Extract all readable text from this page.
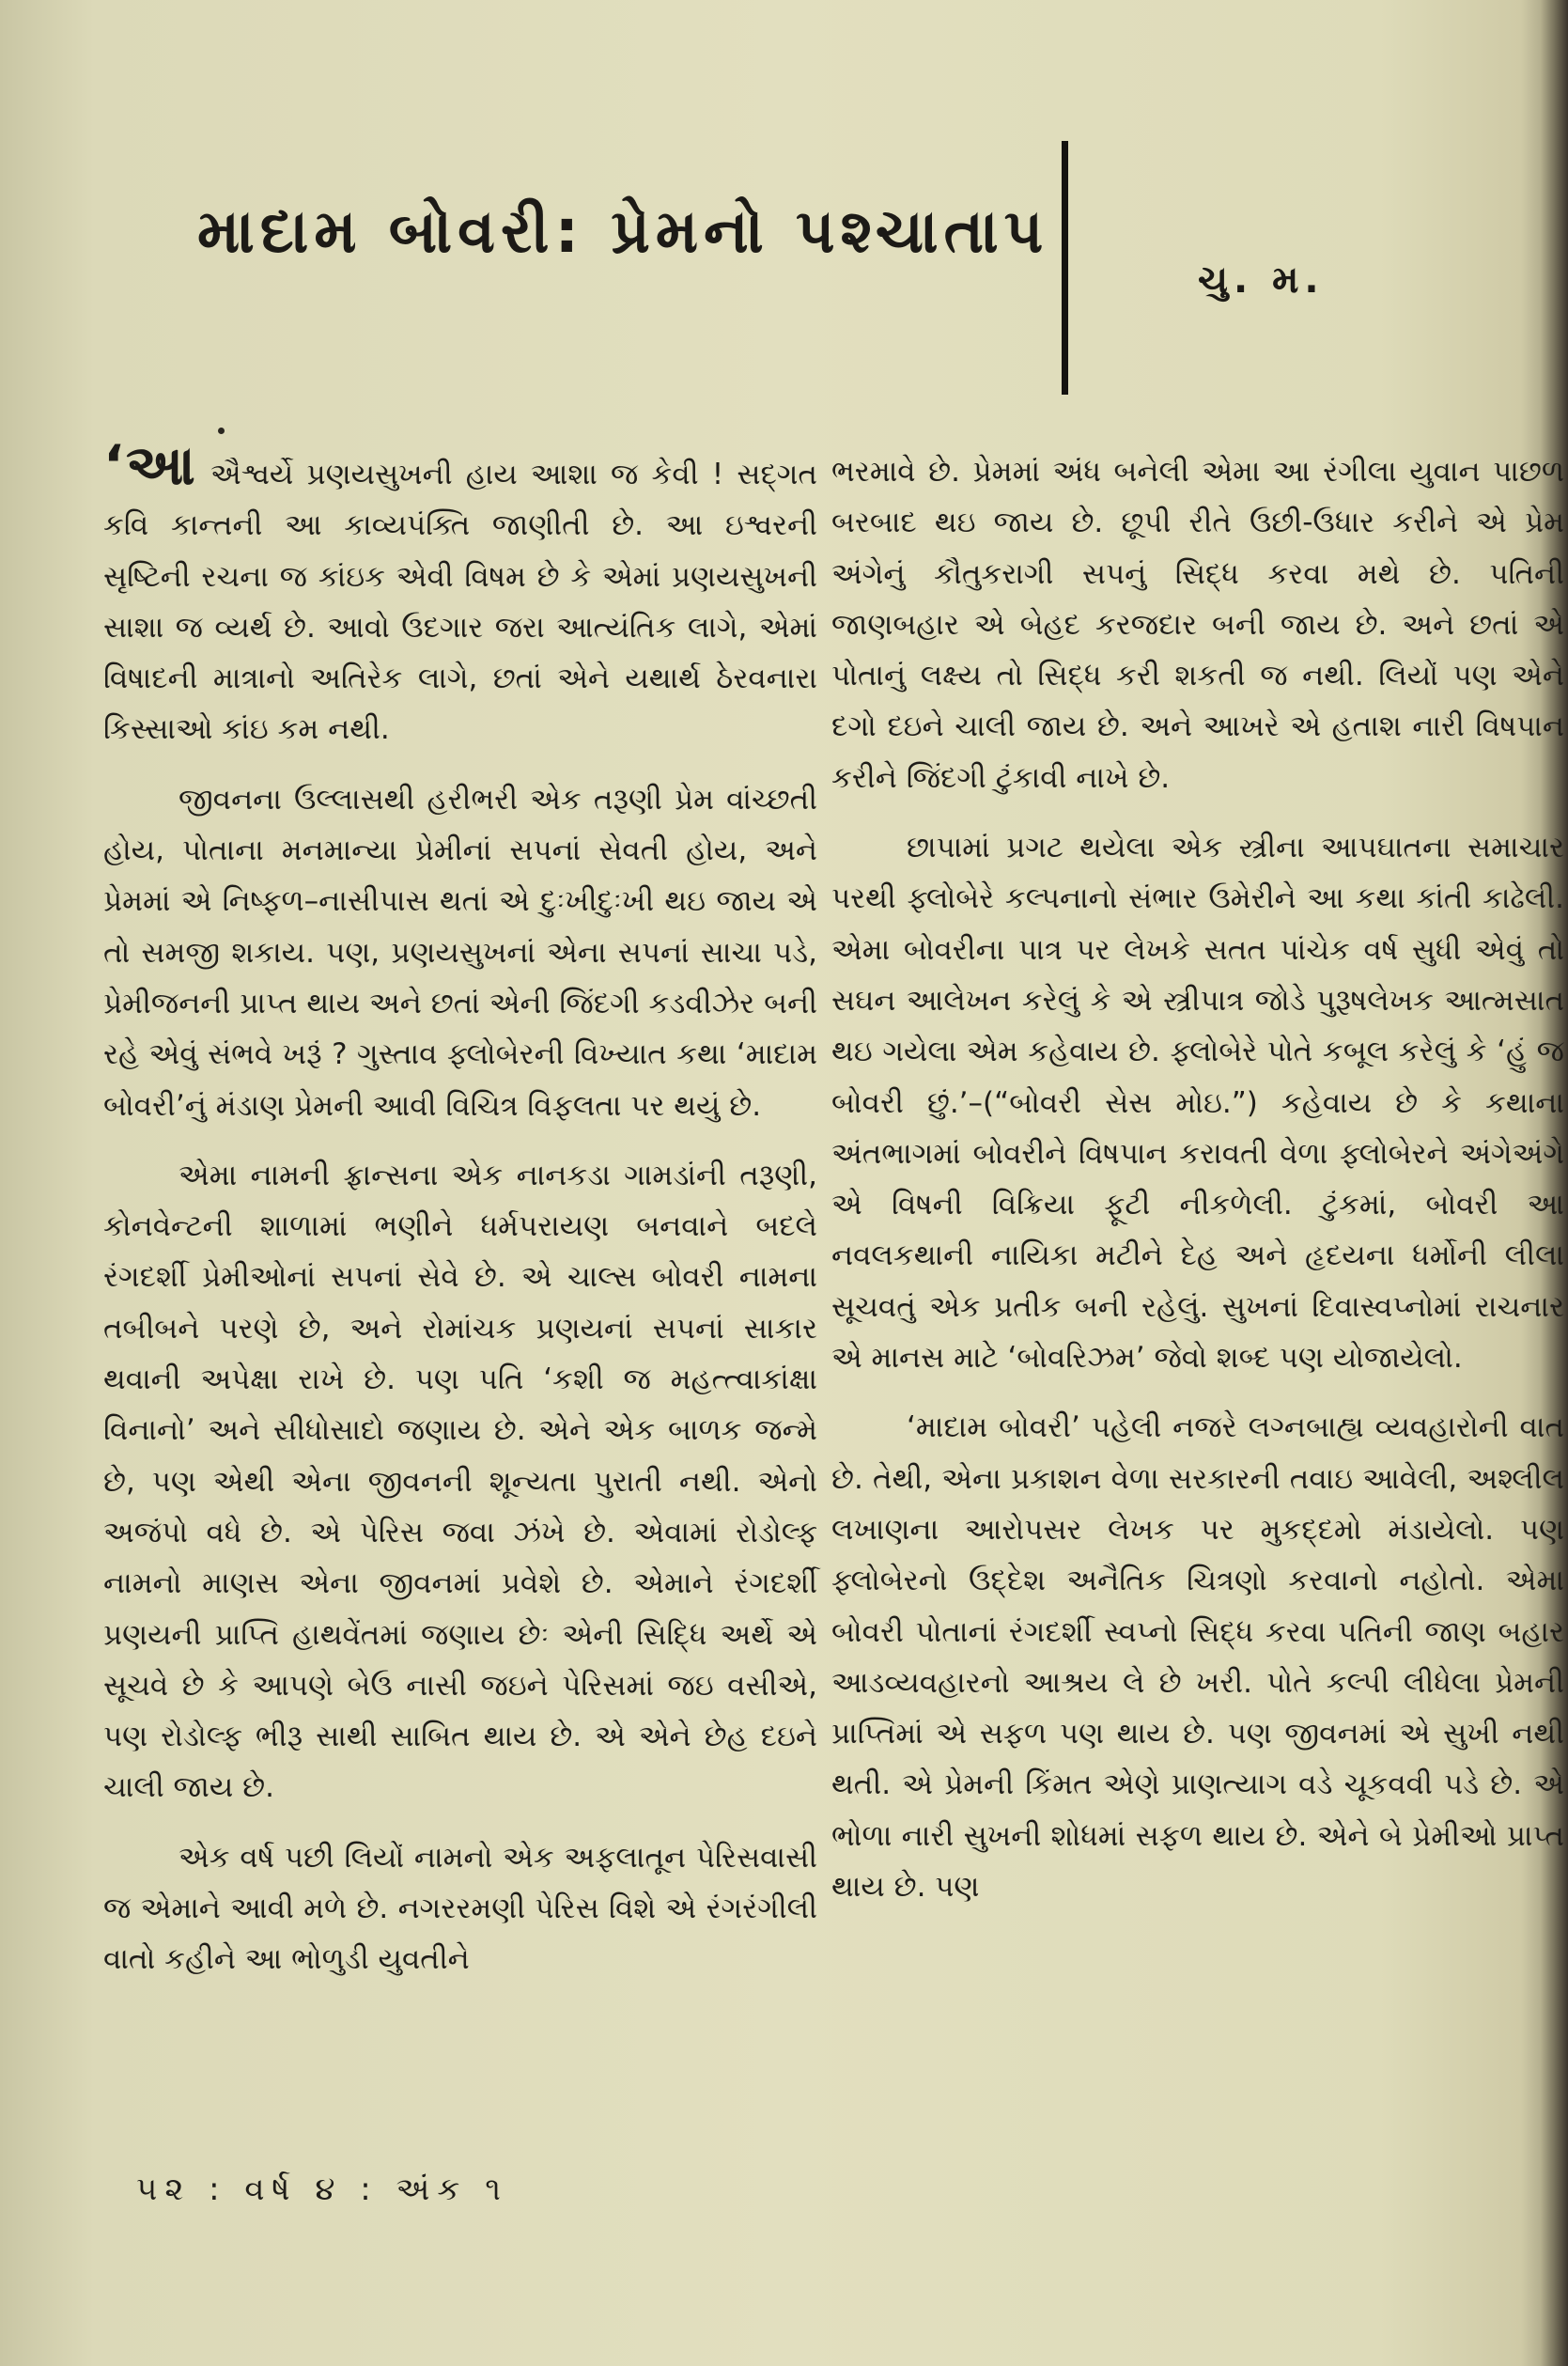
માદામ બોવરી: પ્રેમનો પશ્ચાતાપ
ચુ. મ.

‘આ ઐશ્વર્યે પ્રણયસુખની હાય આશા જ કેવી ! સદ્‌ગત કવિ કાન્તની આ કાવ્યપંક્તિ જાણીતી છે. આ ઇશ્વરની સૃષ્ટિની રચના જ કાંઇક એવી વિષમ છે કે એમાં પ્રણયસુખની સાશા જ વ્યર્થ છે. આવો ઉદગાર જરા આત્યંતિક લાગે, એમાં વિષાદની માત્રાનો અતિરેક લાગે, છતાં એને યથાર્થ ઠેરવનારા કિસ્સાઓ કાંઇ કમ નથી.

જીવનના ઉલ્લાસથી હરીભરી એક તરૂણી પ્રેમ વાંચ્છતી હોય, પોતાના મનમાન્યા પ્રેમીનાં સપનાં સેવતી હોય, અને પ્રેમમાં એ નિષ્ફળ–નાસીપાસ થતાં એ દુઃખીદુઃખી થઇ જાય એ તો સમજી શકાય. પણ, પ્રણયસુખનાં એના સપનાં સાચા પડે, પ્રેમીજનની પ્રાપ્ત થાય અને છતાં એની જિંદગી કડવીઝેર બની રહે એવું સંભવે ખરૂં ? ગુસ્તાવ ફ્લોબેરની વિખ્યાત કથા ‘માદામ બોવરી’નું મંડાણ પ્રેમની આવી વિચિત્ર વિફલતા પર થયું છે.

એમા નામની ફ્રાન્સના એક નાનકડા ગામડાંની તરૂણી, કોનવેન્ટની શાળામાં ભણીને ધર્મપરાયણ બનવાને બદલે રંગદર્શી પ્રેમીઓનાં સપનાં સેવે છે. એ ચાલ્સ બોવરી નામના તબીબને પરણે છે, અને રોમાંચક પ્રણયનાં સપનાં સાકાર થવાની અપેક્ષા રાખે છે. પણ પતિ ‘કશી જ મહત્ત્વાકાંક્ષા વિનાનો’ અને સીધોસાદો જણાય છે. એને એક બાળક જન્મે છે, પણ એથી એના જીવનની શૂન્યતા પુરાતી નથી. એનો અજંપો વધે છે. એ પેરિસ જવા ઝંખે છે. એવામાં રોડોલ્ફ નામનો માણસ એના જીવનમાં પ્રવેશે છે. એમાને રંગદર્શી પ્રણયની પ્રાપ્તિ હાથવેંતમાં જણાય છેઃ એની સિદ્ધિ અર્થે એ સૂચવે છે કે આપણે બેઉ નાસી જઇને પેરિસમાં જઇ વસીએ, પણ રોડોલ્ફ ભીરૂ સાથી સાબિત થાય છે. એ એને છેહ દઇને ચાલી જાય છે.

એક વર્ષ પછી લિયોં નામનો એક અફલાતૂન પેરિસવાસી જ એમાને આવી મળે છે. નગરરમણી પેરિસ વિશે એ રંગરંગીલી વાતો કહીને આ ભોળુડી યુવતીને

ભરમાવે છે. પ્રેમમાં અંધ બનેલી એમા આ રંગીલા યુવાન પાછળ બરબાદ થઇ જાય છે. છૂપી રીતે ઉછી-ઉધાર કરીને એ પ્રેમ અંગેનું કૌતુકરાગી સપનું સિદ્ધ કરવા મથે છે. પતિની જાણબહાર એ બેહદ કરજદાર બની જાય છે. અને છતાં એ પોતાનું લક્ષ્ય તો સિદ્ધ કરી શકતી જ નથી. લિયોં પણ એને દગો દઇને ચાલી જાય છે. અને આખરે એ હતાશ નારી વિષપાન કરીને જિંદગી ટુંકાવી નાખે છે.

છાપામાં પ્રગટ થયેલા એક સ્ત્રીના આપઘાતના સમાચાર પરથી ફ્લોબેરે કલ્પનાનો સંભાર ઉમેરીને આ કથા કાંતી કાઢેલી. એમા બોવરીના પાત્ર પર લેખકે સતત પાંચેક વર્ષ સુધી એવું તો સઘન આલેખન કરેલું કે એ સ્ત્રીપાત્ર જોડે પુરૂષલેખક આત્મસાત થઇ ગયેલા એમ કહેવાય છે. ફ્લોબેરે પોતે કબૂલ કરેલું કે ‘હું જ બોવરી છું.’–(“બોવરી સેસ મોઇ.”) કહેવાય છે કે કથાના અંતભાગમાં બોવરીને વિષપાન કરાવતી વેળા ફ્લોબેરને અંગેઅંગે એ વિષની વિક્રિયા ફૂટી નીકળેલી. ટુંકમાં, બોવરી આ નવલકથાની નાયિકા મટીને દેહ અને હૃદયના ધર્મોની લીલા સૂચવતું એક પ્રતીક બની રહેલું. સુખનાં દિવાસ્વપ્નોમાં રાચનાર એ માનસ માટે ‘બોવરિઝમ’ જેવો શબ્દ પણ યોજાયેલો.

‘માદામ બોવરી’ પહેલી નજરે લગ્નબાહ્ય વ્યવહારોની વાત છે. તેથી, એના પ્રકાશન વેળા સરકારની તવાઇ આવેલી, અશ્લીલ લખાણના આરોપસર લેખક પર મુકદ્દમો મંડાયેલો. પણ ફ્લોબેરનો ઉદ્દેશ અનૈતિક ચિત્રણો કરવાનો નહોતો. એમા બોવરી પોતાનાં રંગદર્શી સ્વપ્નો સિદ્ધ કરવા પતિની જાણ બહાર આડવ્યવહારનો આશ્રય લે છે ખરી. પોતે કલ્પી લીધેલા પ્રેમની પ્રાપ્તિમાં એ સફળ પણ થાય છે. પણ જીવનમાં એ સુખી નથી થતી. એ પ્રેમની કિંમત એણે પ્રાણત્યાગ વડે ચૂકવવી પડે છે. એ ભોળા નારી સુખની શોધમાં સફળ થાય છે. એને બે પ્રેમીઓ પ્રાપ્ત થાય છે. પણ

૫૨ : વર્ષ ૪ : અંક ૧
